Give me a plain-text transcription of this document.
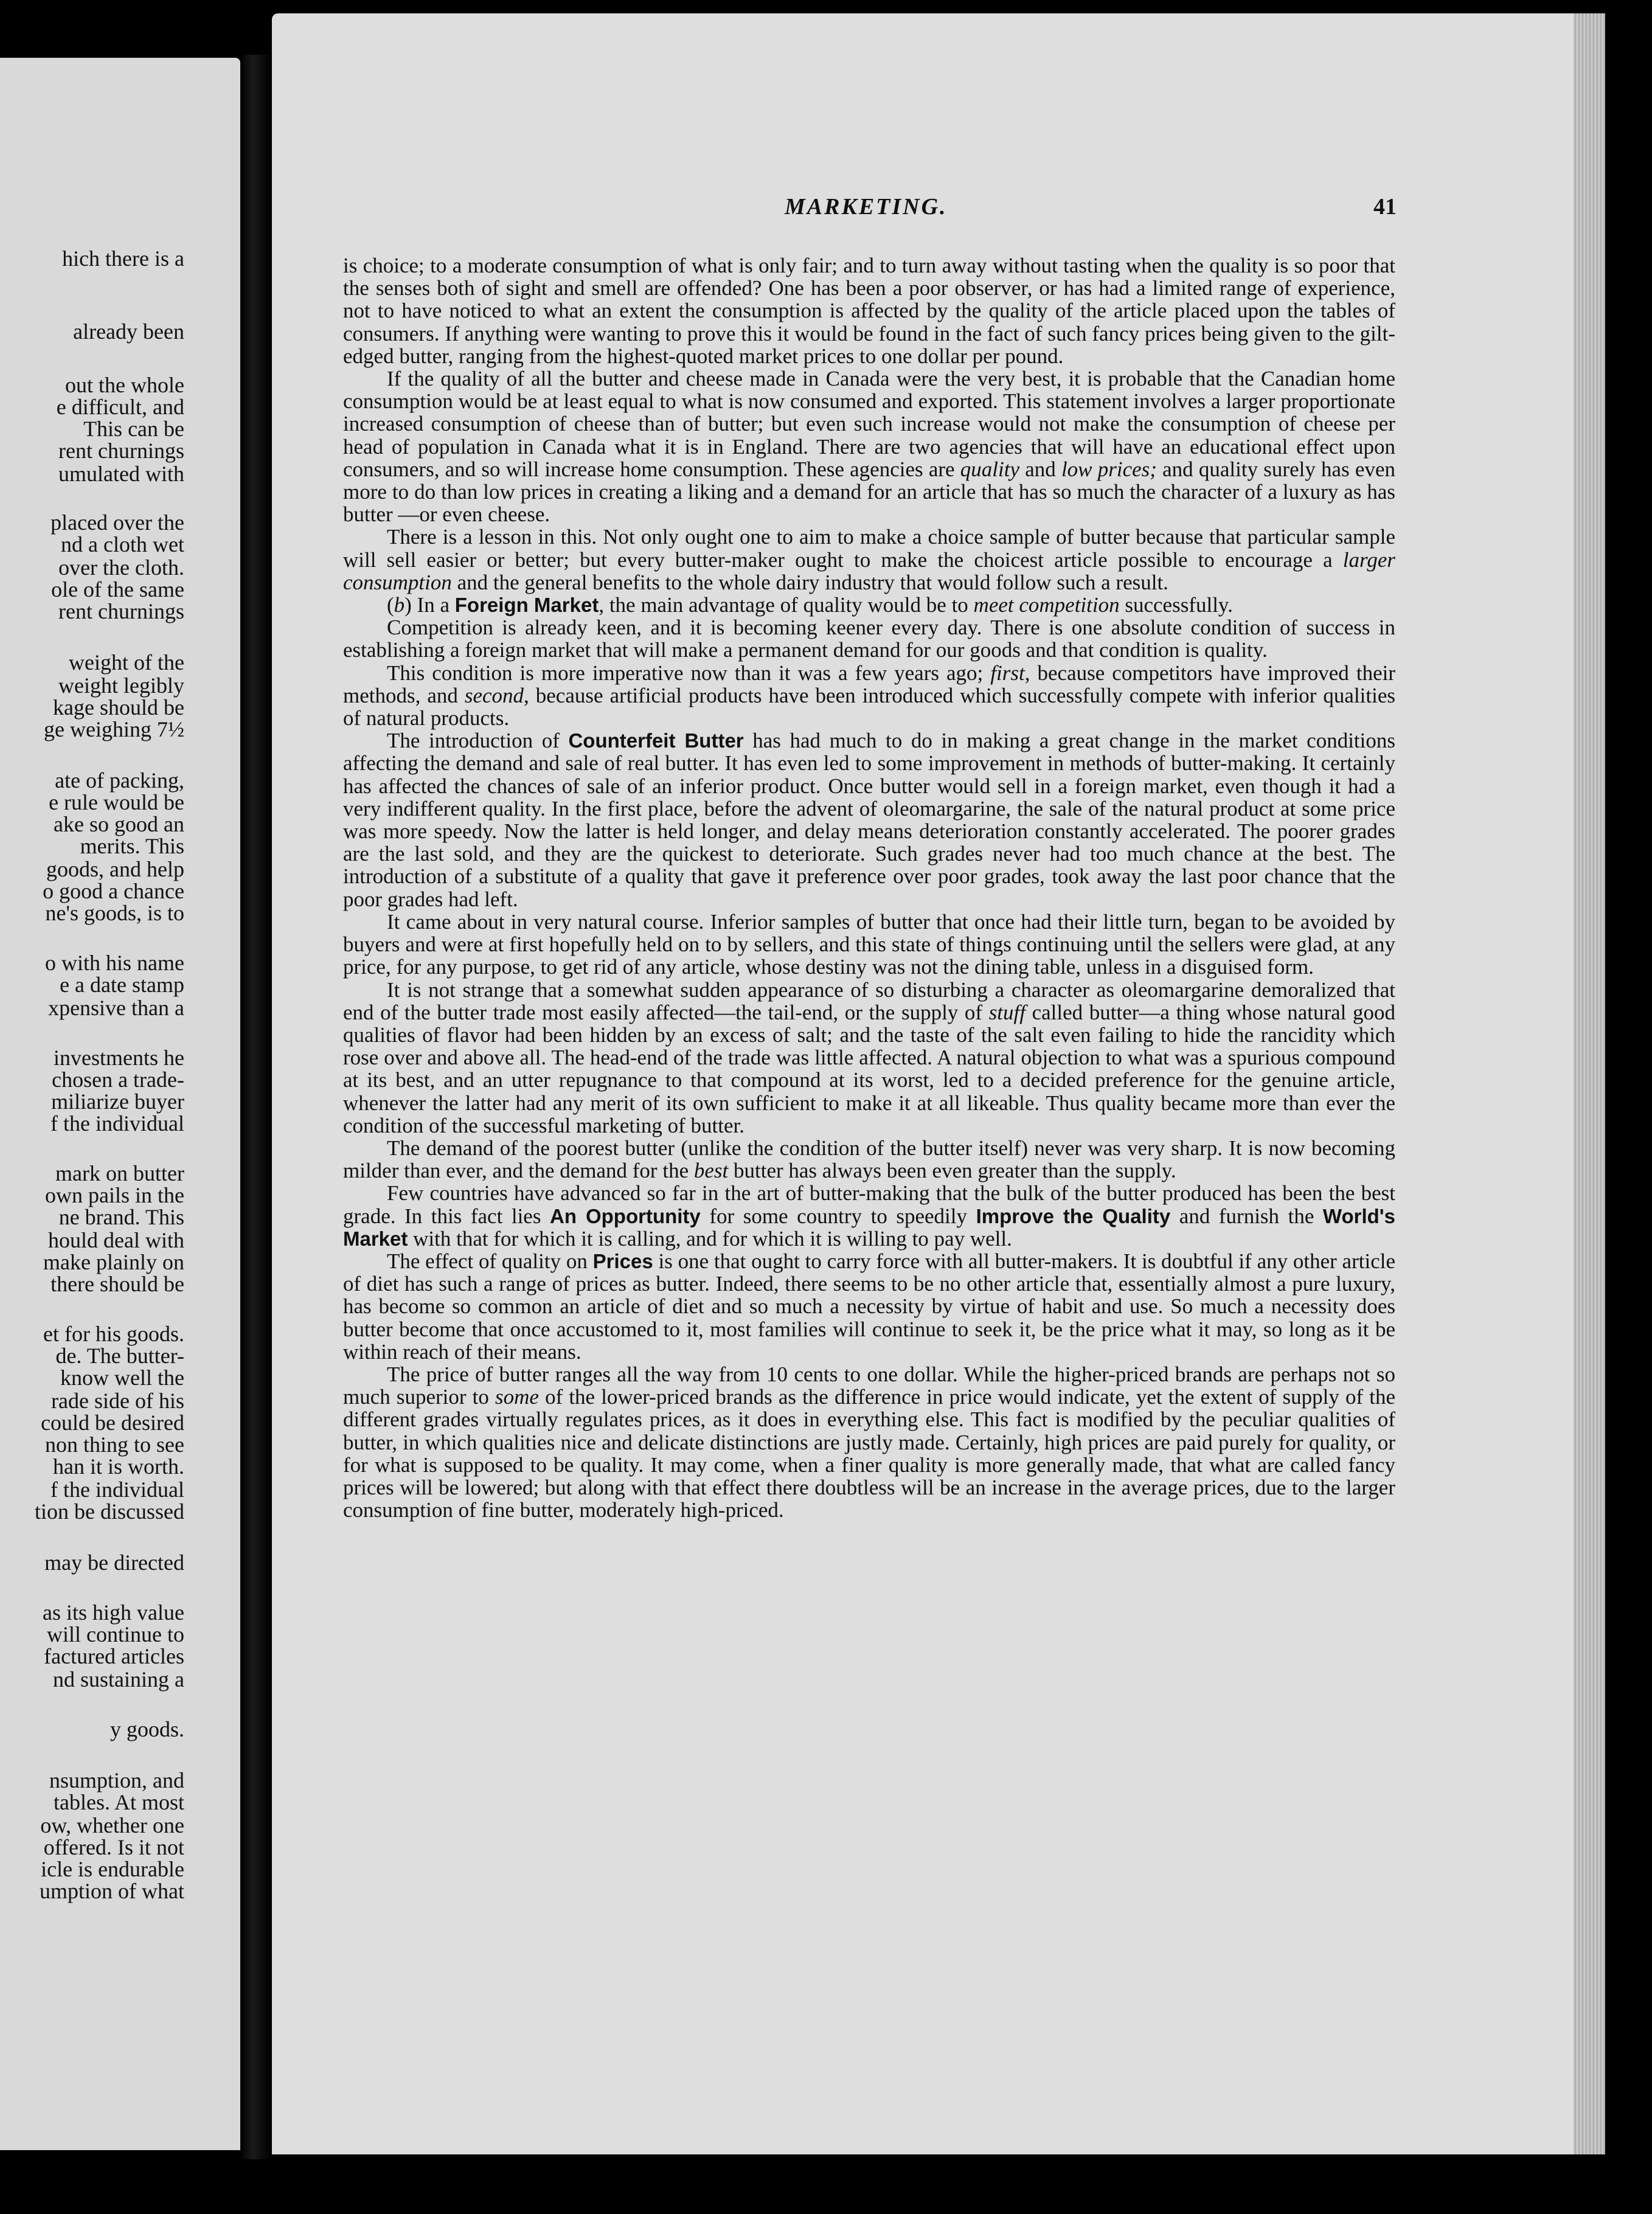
hich there is a
already been
out the whole
e difficult, and
This can be
rent churnings
umulated with
placed over the
nd a cloth wet
over the cloth.
ole of the same
rent churnings
weight of the
weight legibly
kage should be
ge weighing 7½
ate of packing,
e rule would be
ake so good an
merits. This
goods, and help
o good a chance
ne's goods, is to
o with his name
e a date stamp
xpensive than a
investments he
chosen a trade-
miliarize buyer
f the individual
mark on butter
own pails in the
ne brand. This
hould deal with
make plainly on
there should be
et for his goods.
de. The butter-
know well the
rade side of his
could be desired
non thing to see
han it is worth.
f the individual
tion be discussed
may be directed
as its high value
will continue to
factured articles
nd sustaining a
y goods.
nsumption, and
tables. At most
ow, whether one
offered. Is it not
icle is endurable
umption of what
MARKETING.	41

is choice; to a moderate consumption of what is only fair; and to turn away without tasting when the quality is so poor that the senses both of sight and smell are offended? One has been a poor observer, or has had a limited range of experience, not to have noticed to what an extent the consumption is affected by the quality of the article placed upon the tables of consumers. If anything were wanting to prove this it would be found in the fact of such fancy prices being given to the gilt-edged butter, ranging from the highest-quoted market prices to one dollar per pound.

If the quality of all the butter and cheese made in Canada were the very best, it is probable that the Canadian home consumption would be at least equal to what is now consumed and exported. This statement involves a larger proportionate increased consumption of cheese than of butter; but even such increase would not make the consumption of cheese per head of population in Canada what it is in England. There are two agencies that will have an educational effect upon consumers, and so will increase home consumption. These agencies are quality and low prices; and quality surely has even more to do than low prices in creating a liking and a demand for an article that has so much the character of a luxury as has butter —or even cheese.

There is a lesson in this. Not only ought one to aim to make a choice sample of butter because that particular sample will sell easier or better; but every butter-maker ought to make the choicest article possible to encourage a larger consumption and the general benefits to the whole dairy industry that would follow such a result.

(b) In a Foreign Market, the main advantage of quality would be to meet competition successfully.

Competition is already keen, and it is becoming keener every day. There is one absolute condition of success in establishing a foreign market that will make a permanent demand for our goods and that condition is quality.

This condition is more imperative now than it was a few years ago; first, because competitors have improved their methods, and second, because artificial products have been introduced which successfully compete with inferior qualities of natural products.

The introduction of Counterfeit Butter has had much to do in making a great change in the market conditions affecting the demand and sale of real butter. It has even led to some improvement in methods of butter-making. It certainly has affected the chances of sale of an inferior product. Once butter would sell in a foreign market, even though it had a very indifferent quality. In the first place, before the advent of oleomargarine, the sale of the natural product at some price was more speedy. Now the latter is held longer, and delay means deterioration constantly accelerated. The poorer grades are the last sold, and they are the quickest to deteriorate. Such grades never had too much chance at the best. The introduction of a substitute of a quality that gave it preference over poor grades, took away the last poor chance that the poor grades had left.

It came about in very natural course. Inferior samples of butter that once had their little turn, began to be avoided by buyers and were at first hopefully held on to by sellers, and this state of things continuing until the sellers were glad, at any price, for any purpose, to get rid of any article, whose destiny was not the dining table, unless in a disguised form.

It is not strange that a somewhat sudden appearance of so disturbing a character as oleomargarine demoralized that end of the butter trade most easily affected—the tail-end, or the supply of stuff called butter—a thing whose natural good qualities of flavor had been hidden by an excess of salt; and the taste of the salt even failing to hide the rancidity which rose over and above all. The head-end of the trade was little affected. A natural objection to what was a spurious compound at its best, and an utter repugnance to that compound at its worst, led to a decided preference for the genuine article, whenever the latter had any merit of its own sufficient to make it at all likeable. Thus quality became more than ever the condition of the successful marketing of butter.

The demand of the poorest butter (unlike the condition of the butter itself) never was very sharp. It is now becoming milder than ever, and the demand for the best butter has always been even greater than the supply.

Few countries have advanced so far in the art of butter-making that the bulk of the butter produced has been the best grade. In this fact lies An Opportunity for some country to speedily Improve the Quality and furnish the World's Market with that for which it is calling, and for which it is willing to pay well.

The effect of quality on Prices is one that ought to carry force with all butter-makers. It is doubtful if any other article of diet has such a range of prices as butter. Indeed, there seems to be no other article that, essentially almost a pure luxury, has become so common an article of diet and so much a necessity by virtue of habit and use. So much a necessity does butter become that once accustomed to it, most families will continue to seek it, be the price what it may, so long as it be within reach of their means.

The price of butter ranges all the way from 10 cents to one dollar. While the higher-priced brands are perhaps not so much superior to some of the lower-priced brands as the difference in price would indicate, yet the extent of supply of the different grades virtually regulates prices, as it does in everything else. This fact is modified by the peculiar qualities of butter, in which qualities nice and delicate distinctions are justly made. Certainly, high prices are paid purely for quality, or for what is supposed to be quality. It may come, when a finer quality is more generally made, that what are called fancy prices will be lowered; but along with that effect there doubtless will be an increase in the average prices, due to the larger consumption of fine butter, moderately high-priced.
